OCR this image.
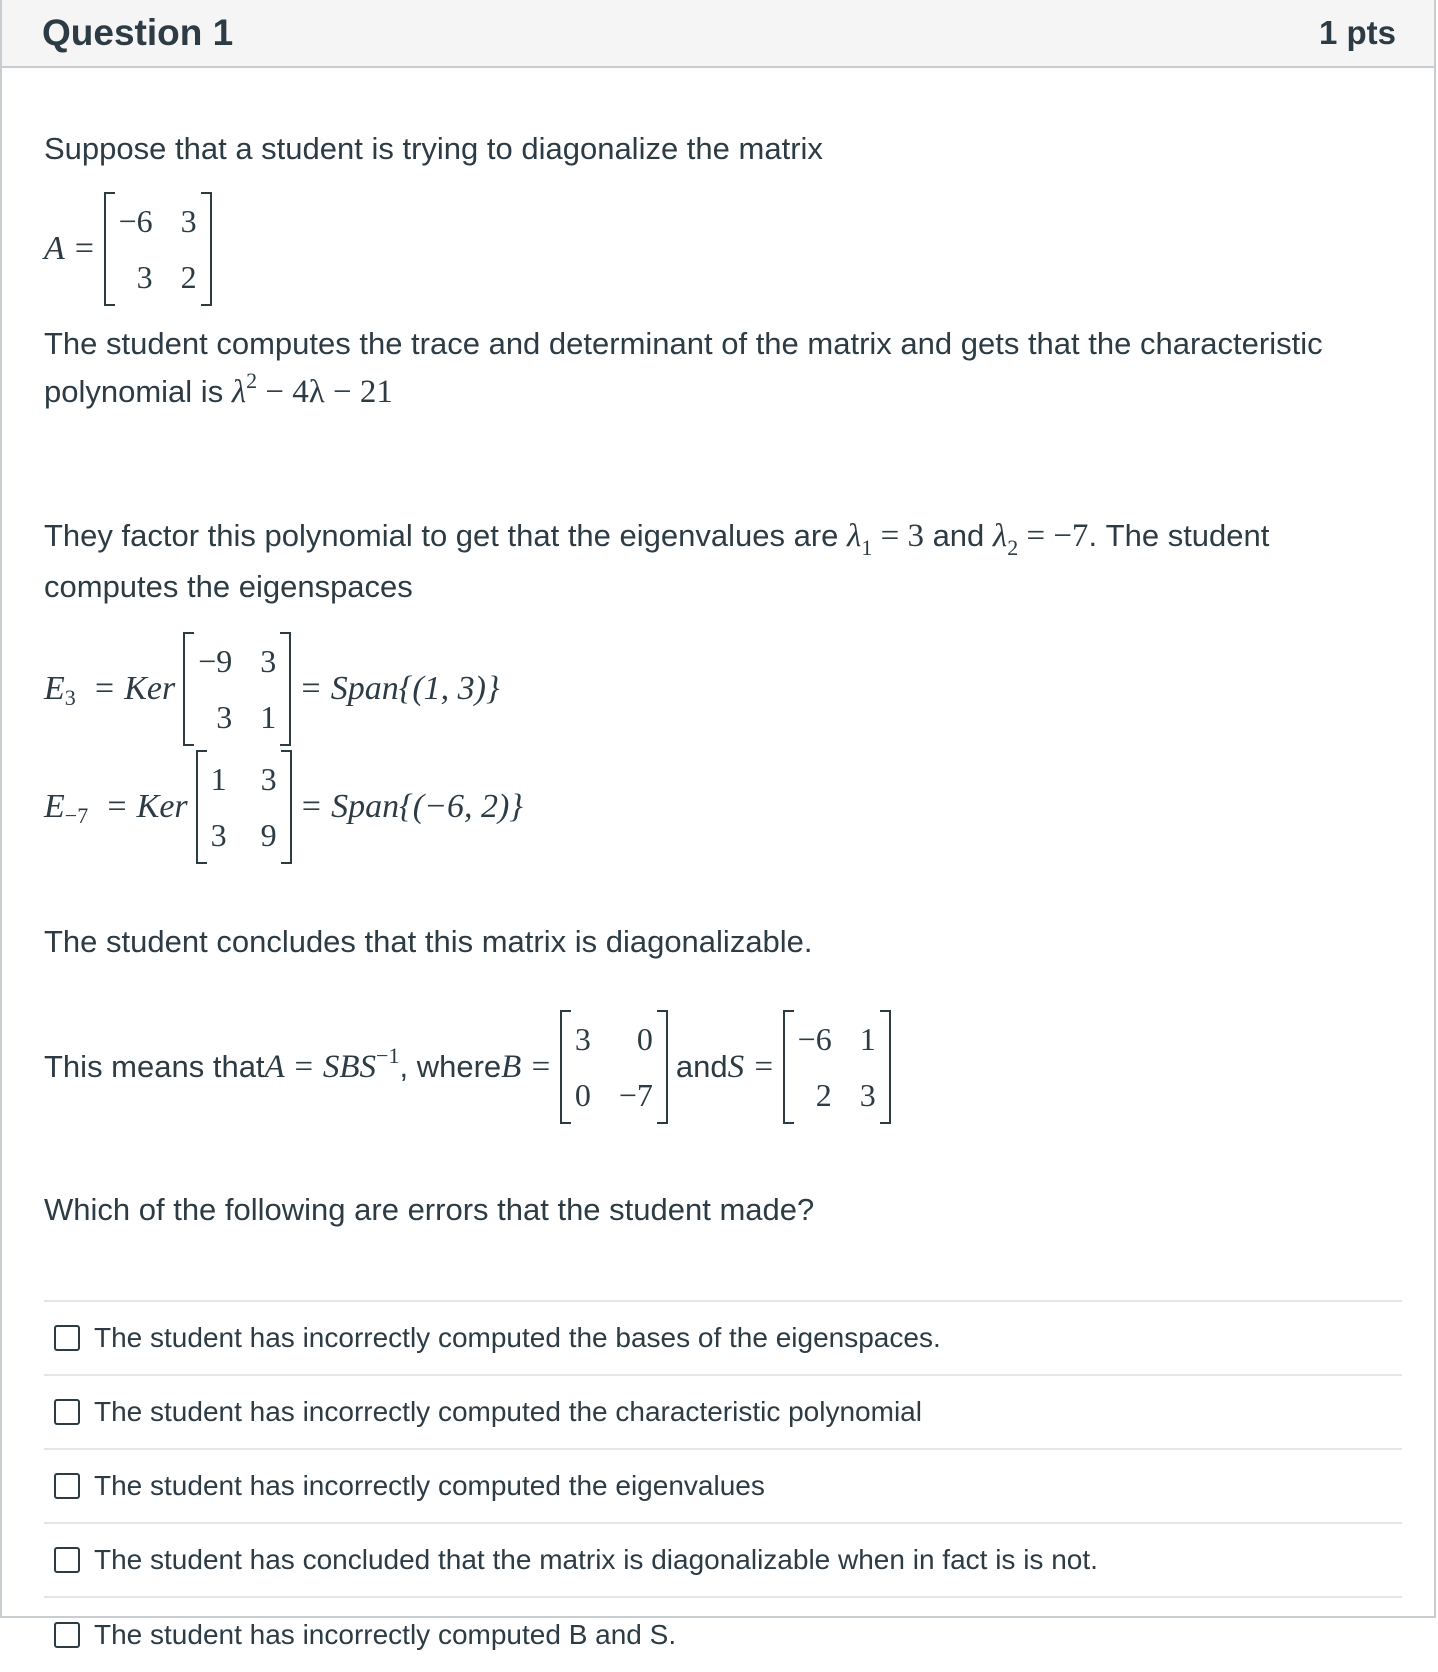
Question 1	1 pts
Suppose that a student is trying to diagonalize the matrix
A =
−6 3
3 2
The student computes the trace and determinant of the matrix and gets that the characteristic
polynomial is $\lambda^2 - 4\lambda - 21$
They factor this polynomial to get that the eigenvalues are $\lambda_1 = 3$ and $\lambda_2 = -7$. The student
computes the eigenspaces
E 3
= Ker
−9 3
3 1
= Span{(1, 3)}
E −7
= Ker
1 3
3 9
= Span{(−6, 2)}
The student concludes that this matrix is diagonalizable.
This means that $A = SBS^{-1}$ , where B =
3	0
0 −7
and S =
−6 1
2 3
Which of the following are errors that the student made?
The student has incorrectly computed the bases of the eigenspaces.
The student has incorrectly computed the characteristic polynomial
The student has incorrectly computed the eigenvalues
The student has concluded that the matrix is diagonalizable when in fact is is not.
The student has incorrectly computed B and S.
